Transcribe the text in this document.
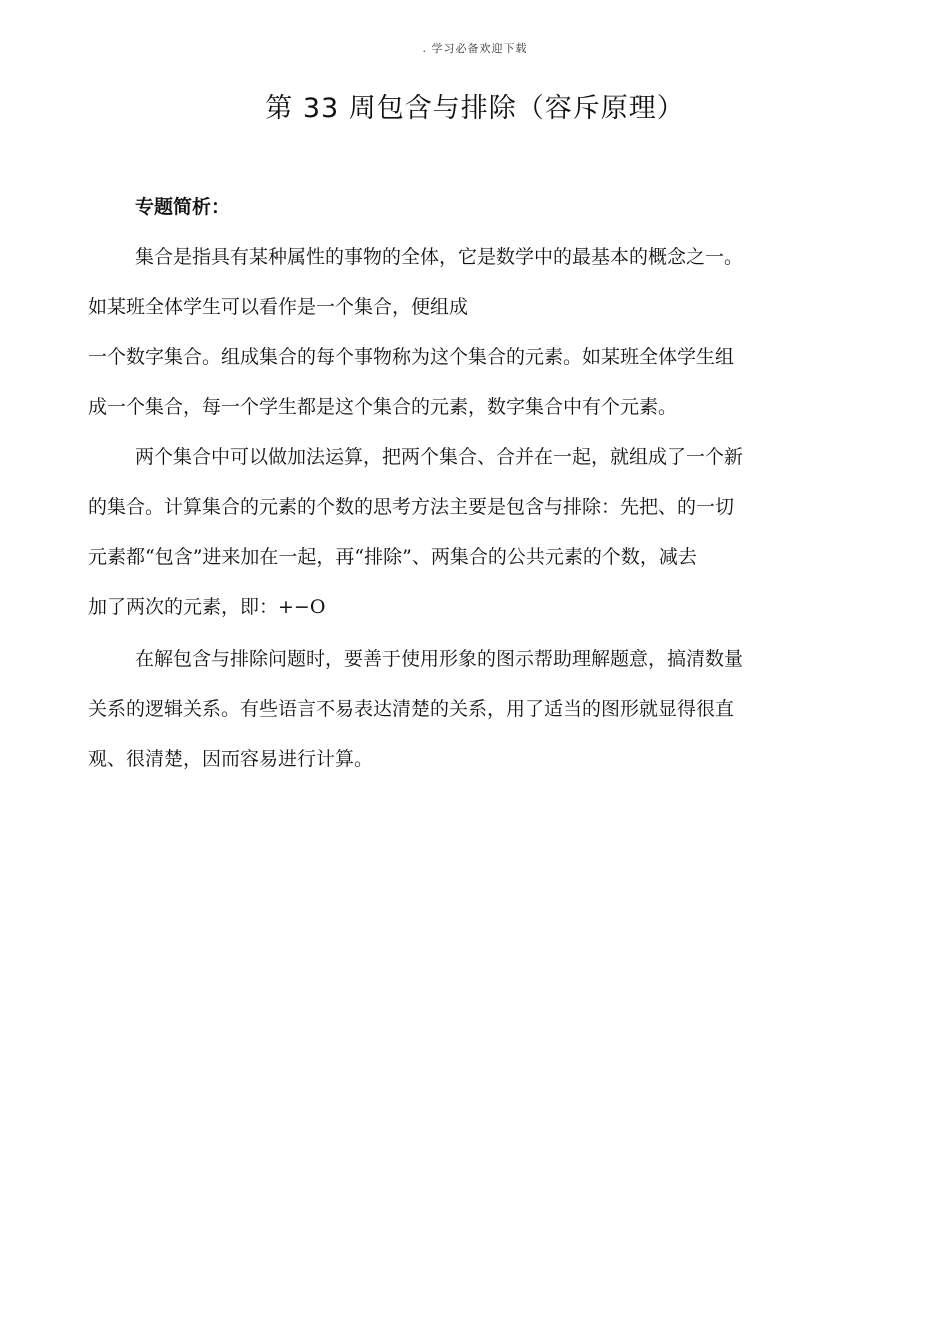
. 学习必备欢迎下载
第 33 周包含与排除（容斥原理）
专题简析：
集合是指具有某种属性的事物的全体，它是数学中的最基本的概念之一。
如某班全体学生可以看作是一个集合，便组成
一个数字集合。组成集合的每个事物称为这个集合的元素。如某班全体学生组
成一个集合，每一个学生都是这个集合的元素，数字集合中有个元素。
两个集合中可以做加法运算，把两个集合、合并在一起，就组成了一个新
的集合。计算集合的元素的个数的思考方法主要是包含与排除：先把、的一切
元素都“包含”进来加在一起，再“排除”、两集合的公共元素的个数，减去
加了两次的元素，即：+−O
在解包含与排除问题时，要善于使用形象的图示帮助理解题意，搞清数量
关系的逻辑关系。有些语言不易表达清楚的关系，用了适当的图形就显得很直
观、很清楚，因而容易进行计算。
